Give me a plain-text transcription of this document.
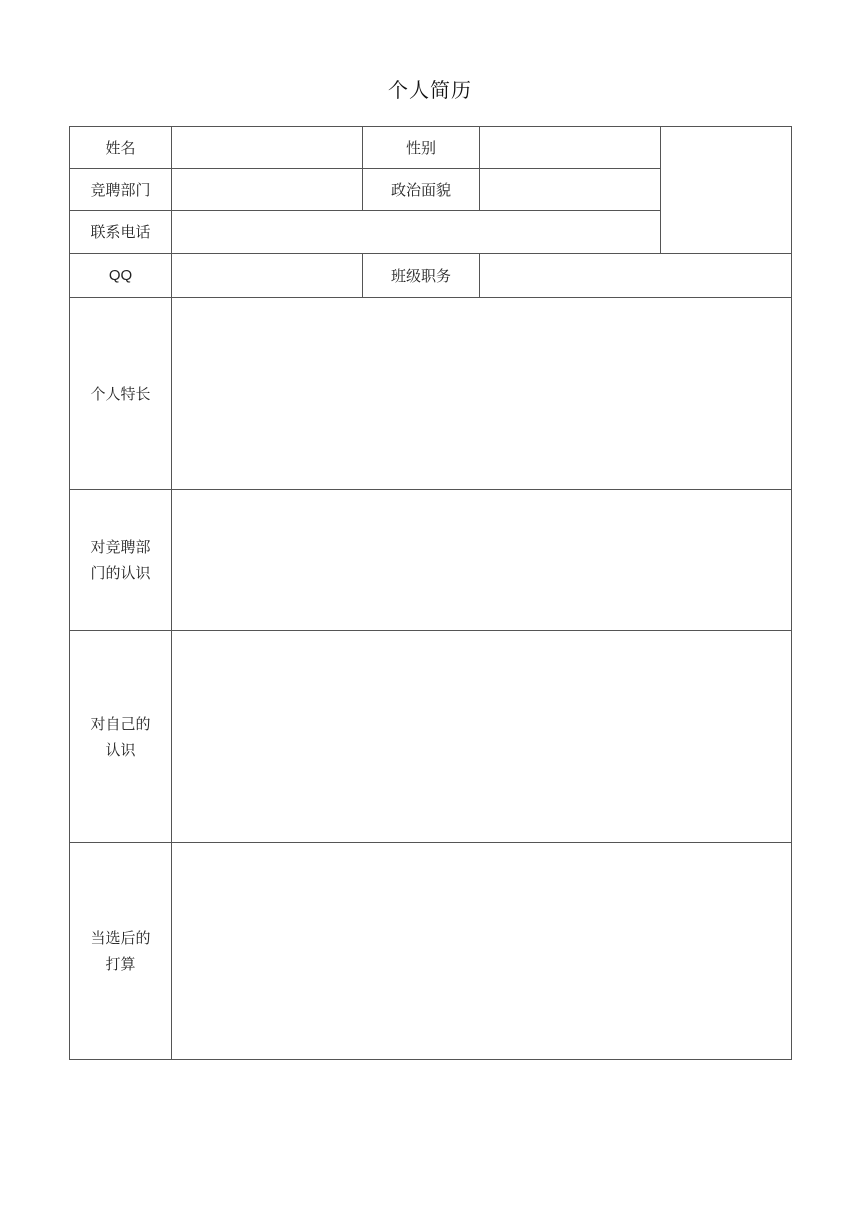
个人简历
姓名		性别		
竞聘部门		政治面貌		
联系电话				
QQ		班级职务		
个人特长				
对竞聘部门的认识				
对自己的认识				
当选后的打算				
